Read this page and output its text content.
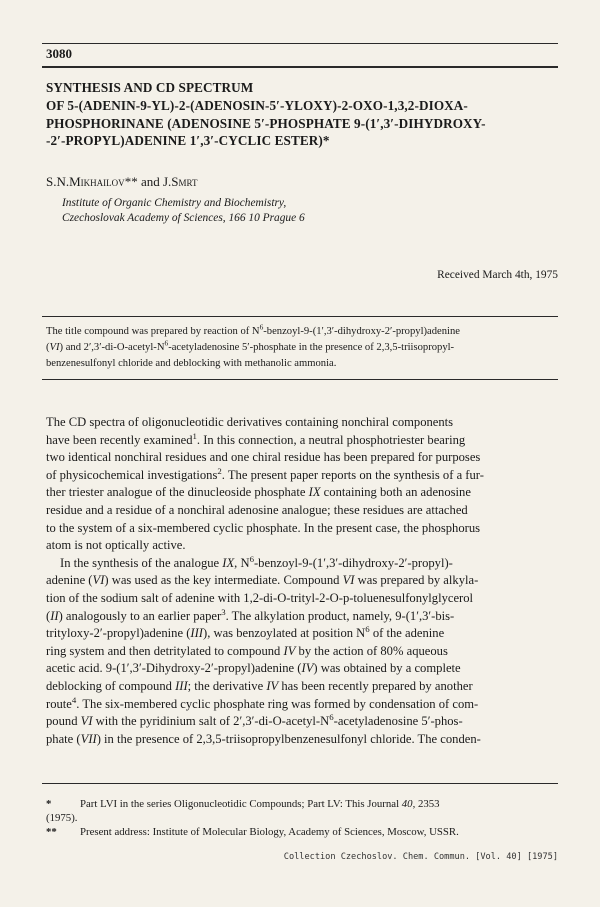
3080
SYNTHESIS AND CD SPECTRUM
OF 5-(ADENIN-9-YL)-2-(ADENOSIN-5′-YLOXY)-2-OXO-1,3,2-DIOXA-
PHOSPHORINANE (ADENOSINE 5′-PHOSPHATE 9-(1′,3′-DIHYDROXY-
-2′-PROPYL)ADENINE 1′,3′-CYCLIC ESTER)*
S.N.Mikhailov** and J.Smrt
Institute of Organic Chemistry and Biochemistry,
Czechoslovak Academy of Sciences, 166 10 Prague 6
Received March 4th, 1975
The title compound was prepared by reaction of $N^6-benzoyl-9-(1',3'-dihydroxy-2'-propyl)adenine$
(VI) and $2',3'-di-O-acetyl-N^6$-acetyladenosine 5′-phosphate in the presence of 2,3,5-triisopropyl-
benzenesulfonyl chloride and deblocking with methanolic ammonia.
The CD spectra of oligonucleotidic derivatives containing nonchiral components
have been recently examined$^1$. In this connection, a neutral phosphotriester bearing
two identical nonchiral residues and one chiral residue has been prepared for purposes
of physicochemical investigations$^2$. The present paper reports on the synthesis of a fur-
ther triester analogue of the dinucleoside phosphate IX containing both an adenosine
residue and a residue of a nonchiral adenosine analogue; these residues are attached
to the system of a six-membered cyclic phosphate. In the present case, the phosphorus
atom is not optically active.
In the synthesis of the analogue IX, $N^6-benzoyl-9-(1',3'-dihydroxy-2'-propyl)-$
adenine (VI) was used as the key intermediate. Compound VI was prepared by alkyla-
tion of the sodium salt of adenine with 1,2-di-O-trityl-2-O-p-toluenesulfonylglycerol
(II) analogously to an earlier paper$^3$. The alkylation product, namely, 9-(1′,3′-bis-
trityloxy-2′-propyl)adenine (III), was benzoylated at position $N^6$ of the adenine
ring system and then detritylated to compound IV by the action of 80% aqueous
acetic acid. 9-(1′,3′-Dihydroxy-2′-propyl)adenine (IV) was obtained by a complete
deblocking of compound III; the derivative IV has been recently prepared by another
route$^4$. The six-membered cyclic phosphate ring was formed by condensation of com-
pound VI with the pyridinium salt of $2',3'-di-O-acetyl-N^6$-acetyladenosine 5′-phos-
phate (VII) in the presence of 2,3,5-triisopropylbenzenesulfonyl chloride. The conden-
*	Part LVI in the series Oligonucleotidic Compounds; Part LV: This Journal 40, 2353
(1975).
** Present address: Institute of Molecular Biology, Academy of Sciences, Moscow, USSR.
Collection Czechoslov. Chem. Commun. [Vol. 40] [1975]
